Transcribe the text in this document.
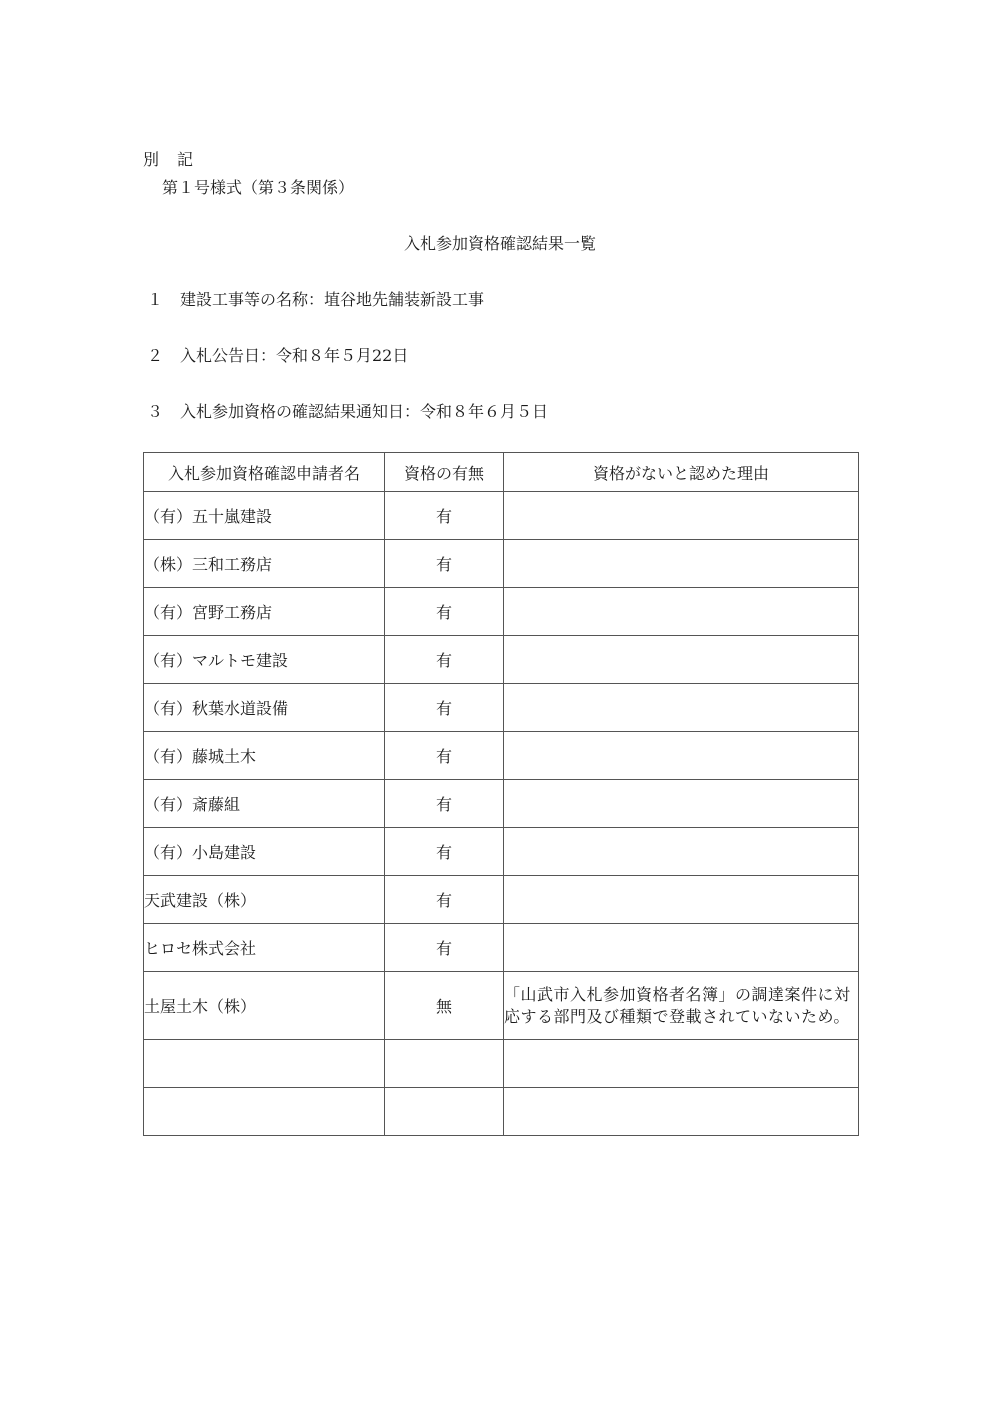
別　記
第１号様式（第３条関係）
入札参加資格確認結果一覧
１ 建設工事等の名称：埴谷地先舗装新設工事
２ 入札公告日：令和８年５月22日
３ 入札参加資格の確認結果通知日：令和８年６月５日
入札参加資格確認申請者名	資格の有無	資格がないと認めた理由
（有）五十嵐建設	有	
（株）三和工務店	有	
（有）宮野工務店	有	
（有）マルトモ建設	有	
（有）秋葉水道設備	有	
（有）藤城土木	有	
（有）斎藤組	有	
（有）小島建設	有	
天武建設（株）	有	
ヒロセ株式会社	有	
土屋土木（株）	無	「山武市入札参加資格者名簿」の調達案件に対応する部門及び種類で登載されていないため。
